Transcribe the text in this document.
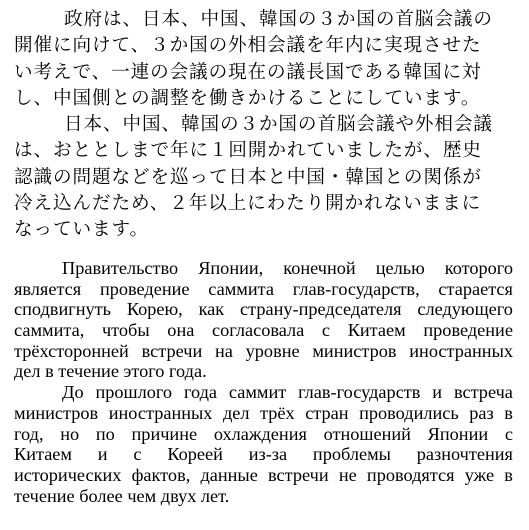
政府は、日本、中国、韓国の３か国の首脳会議の
開催に向けて、３か国の外相会議を年内に実現させた
い考えで、一連の会議の現在の議長国である韓国に対
し、中国側との調整を働きかけることにしています。
日本、中国、韓国の３か国の首脳会議や外相会議
は、おととしまで年に１回開かれていましたが、歴史
認識の問題などを巡って日本と中国・韓国との関係が
冷え込んだため、２年以上にわたり開かれないままに
なっています。
Правительство Японии, конечной целью которого
является проведение саммита глав-государств, старается
сподвигнуть Корею, как страну-председателя следующего
саммита, чтобы она согласовала с Китаем проведение
трёхсторонней встречи на уровне министров иностранных
дел в течение этого года.
До прошлого года саммит глав-государств и встреча
министров иностранных дел трёх стран проводились раз в
год, но по причине охлаждения отношений Японии с
Китаем и с Кореей из-за проблемы разночтения
исторических фактов, данные встречи не проводятся уже в
течение более чем двух лет.
